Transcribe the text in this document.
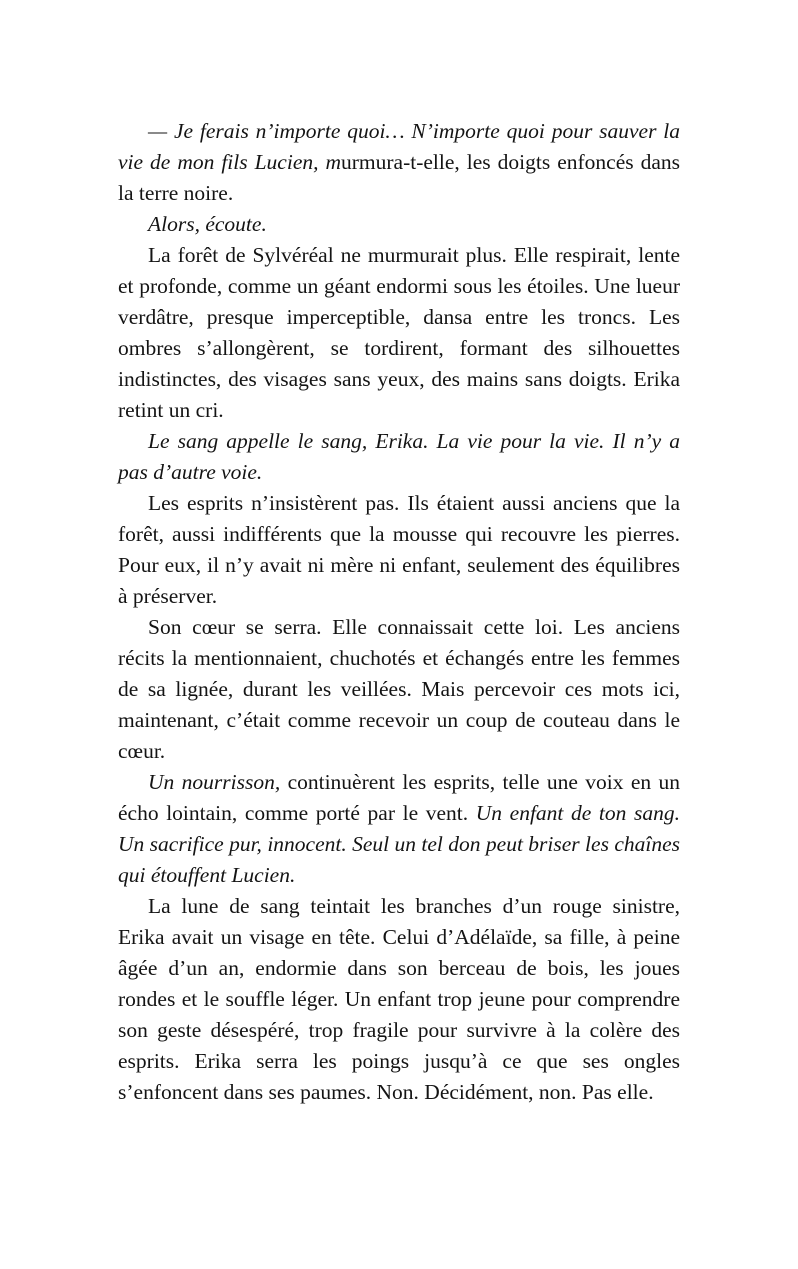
— Je ferais n’importe quoi… N’importe quoi pour sauver la vie de mon fils Lucien, murmura-t-elle, les doigts enfoncés dans la terre noire.

Alors, écoute.

La forêt de Sylvéréal ne murmurait plus. Elle respirait, lente et profonde, comme un géant endormi sous les étoiles. Une lueur verdâtre, presque imperceptible, dansa entre les troncs. Les ombres s’allongèrent, se tordirent, formant des silhouettes indistinctes, des visages sans yeux, des mains sans doigts. Erika retint un cri.

Le sang appelle le sang, Erika. La vie pour la vie. Il n’y a pas d’autre voie.

Les esprits n’insistèrent pas. Ils étaient aussi anciens que la forêt, aussi indifférents que la mousse qui recouvre les pierres. Pour eux, il n’y avait ni mère ni enfant, seulement des équilibres à préserver.

Son cœur se serra. Elle connaissait cette loi. Les anciens récits la mentionnaient, chuchotés et échangés entre les femmes de sa lignée, durant les veillées. Mais percevoir ces mots ici, maintenant, c’était comme recevoir un coup de couteau dans le cœur.

Un nourrisson, continuèrent les esprits, telle une voix en un écho lointain, comme porté par le vent. Un enfant de ton sang. Un sacrifice pur, innocent. Seul un tel don peut briser les chaînes qui étouffent Lucien.

La lune de sang teintait les branches d’un rouge sinistre, Erika avait un visage en tête. Celui d’Adélaïde, sa fille, à peine âgée d’un an, endormie dans son berceau de bois, les joues rondes et le souffle léger. Un enfant trop jeune pour comprendre son geste désespéré, trop fragile pour survivre à la colère des esprits. Erika serra les poings jusqu’à ce que ses ongles s’enfoncent dans ses paumes. Non. Décidément, non. Pas elle.
